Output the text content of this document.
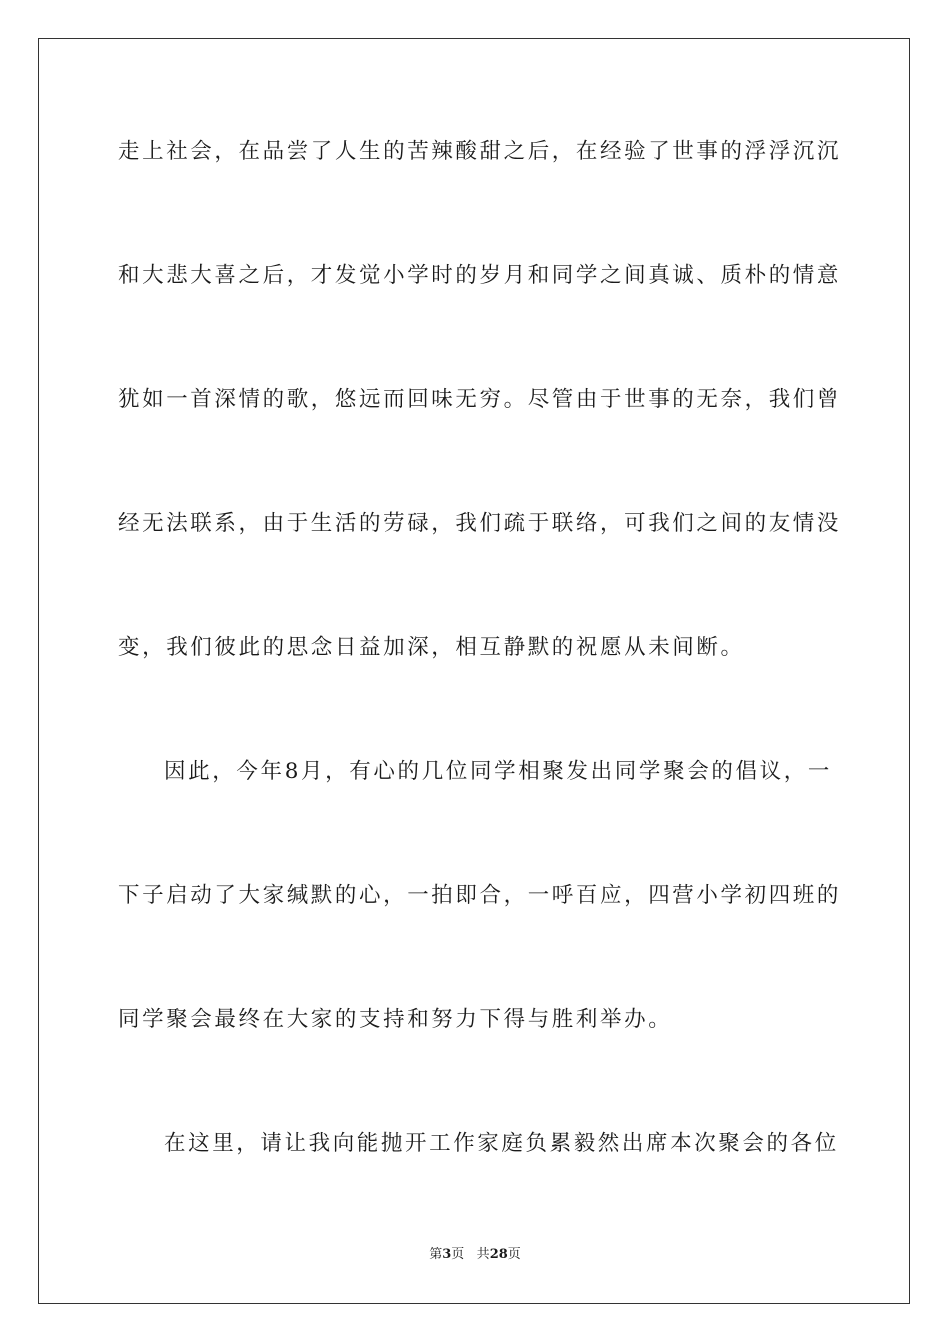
走上社会，在品尝了人生的苦辣酸甜之后，在经验了世事的浮浮沉沉
和大悲大喜之后，才发觉小学时的岁月和同学之间真诚、质朴的情意
犹如一首深情的歌，悠远而回味无穷。尽管由于世事的无奈，我们曾
经无法联系，由于生活的劳碌，我们疏于联络，可我们之间的友情没
变，我们彼此的思念日益加深，相互静默的祝愿从未间断。
因此，今年8月，有心的几位同学相聚发出同学聚会的倡议，一
下子启动了大家缄默的心，一拍即合，一呼百应，四营小学初四班的
同学聚会最终在大家的支持和努力下得与胜利举办。
在这里，请让我向能抛开工作家庭负累毅然出席本次聚会的各位
第3页 共28页
